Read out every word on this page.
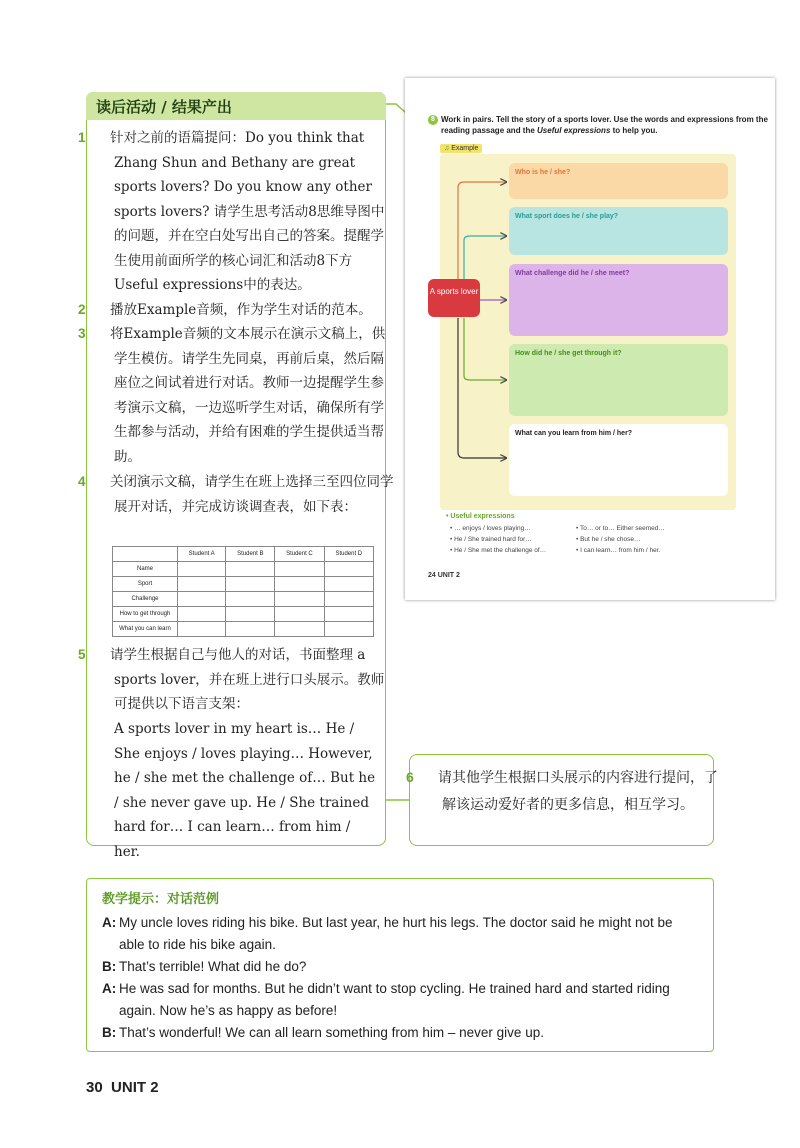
读后活动 / 结果产出
1 针对之前的语篇提问：Do you think that Zhang Shun and Bethany are great sports lovers? Do you know any other sports lovers? 请学生思考活动8思维导图中的问题，并在空白处写出自己的答案。提醒学生使用前面所学的核心词汇和活动8下方Useful expressions中的表达。
2 播放Example音频，作为学生对话的范本。
3 将Example音频的文本展示在演示文稿上，供学生模仿。请学生先同桌，再前后桌，然后隔座位之间试着进行对话。教师一边提醒学生参考演示文稿，一边巡听学生对话，确保所有学生都参与活动，并给有困难的学生提供适当帮助。
4 关闭演示文稿，请学生在班上选择三至四位同学展开对话，并完成访谈调查表，如下表：
	Student A	Student B	Student C	Student D
Name				
Sport				
Challenge				
How to get through				
What you can learn				
5 请学生根据自己与他人的对话，书面整理 a sports lover，并在班上进行口头展示。教师可提供以下语言支架：
A sports lover in my heart is… He / She enjoys / loves playing… However, he / she met the challenge of… But he / she never gave up. He / She trained hard for… I can learn… from him / her.
8 Work in pairs. Tell the story of a sports lover. Use the words and expressions from the reading passage and the Useful expressions to help you.
♫ Example
A sports lover
Who is he / she?
What sport does he / she play?
What challenge did he / she meet?
How did he / she get through it?
What can you learn from him / her?
• Useful expressions
• … enjoys / loves playing…
• He / She trained hard for…
• He / She met the challenge of…
• To… or to… Either seemed…
• But he / she chose…
• I can learn… from him / her.
24 UNIT 2
6 请其他学生根据口头展示的内容进行提问，了解该运动爱好者的更多信息，相互学习。
教学提示：对话范例
A: My uncle loves riding his bike. But last year, he hurt his legs. The doctor said he might not be
able to ride his bike again.
B: That’s terrible! What did he do?
A: He was sad for months. But he didn’t want to stop cycling. He trained hard and started riding
again. Now he’s as happy as before!
B: That’s wonderful! We can all learn something from him – never give up.
30 UNIT 2
